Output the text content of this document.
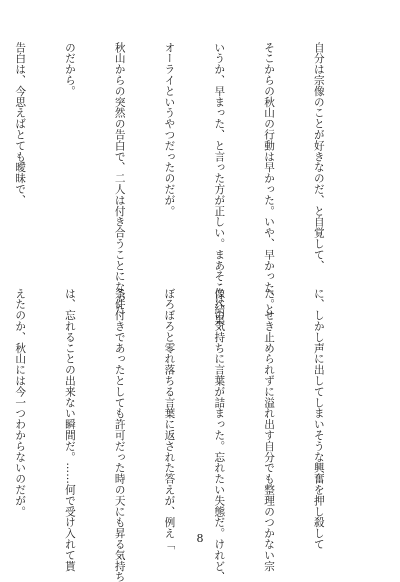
自分は宗像のことが好きなのだ、と自覚して、

そこからの秋山の行動は早かった。いや、早かった、と

いうか、早まった、と言った方が正しい。まあそこは結果

オーライというやつだったのだが。

秋山からの突然の告白で、二人は付き合うことになった

のだから。

告白は、今思えばとても曖昧で、

に、しかし声に出してしまいそうな興奮を押し殺して

た。せき止められずに溢れ出す自分でも整理のつかない宗

像への気持ちに言葉が詰まった。忘れたい失態だ。けれど、

ぼろぼろと零れ落ちる言葉に返された答えが、例え「

条件付きであったとしても許可だった時の天にも昇る気持ち

は、忘れることの出来ない瞬間だ。……何で受け入れて貰

えたのか、秋山には今一つわからないのだが。

8
